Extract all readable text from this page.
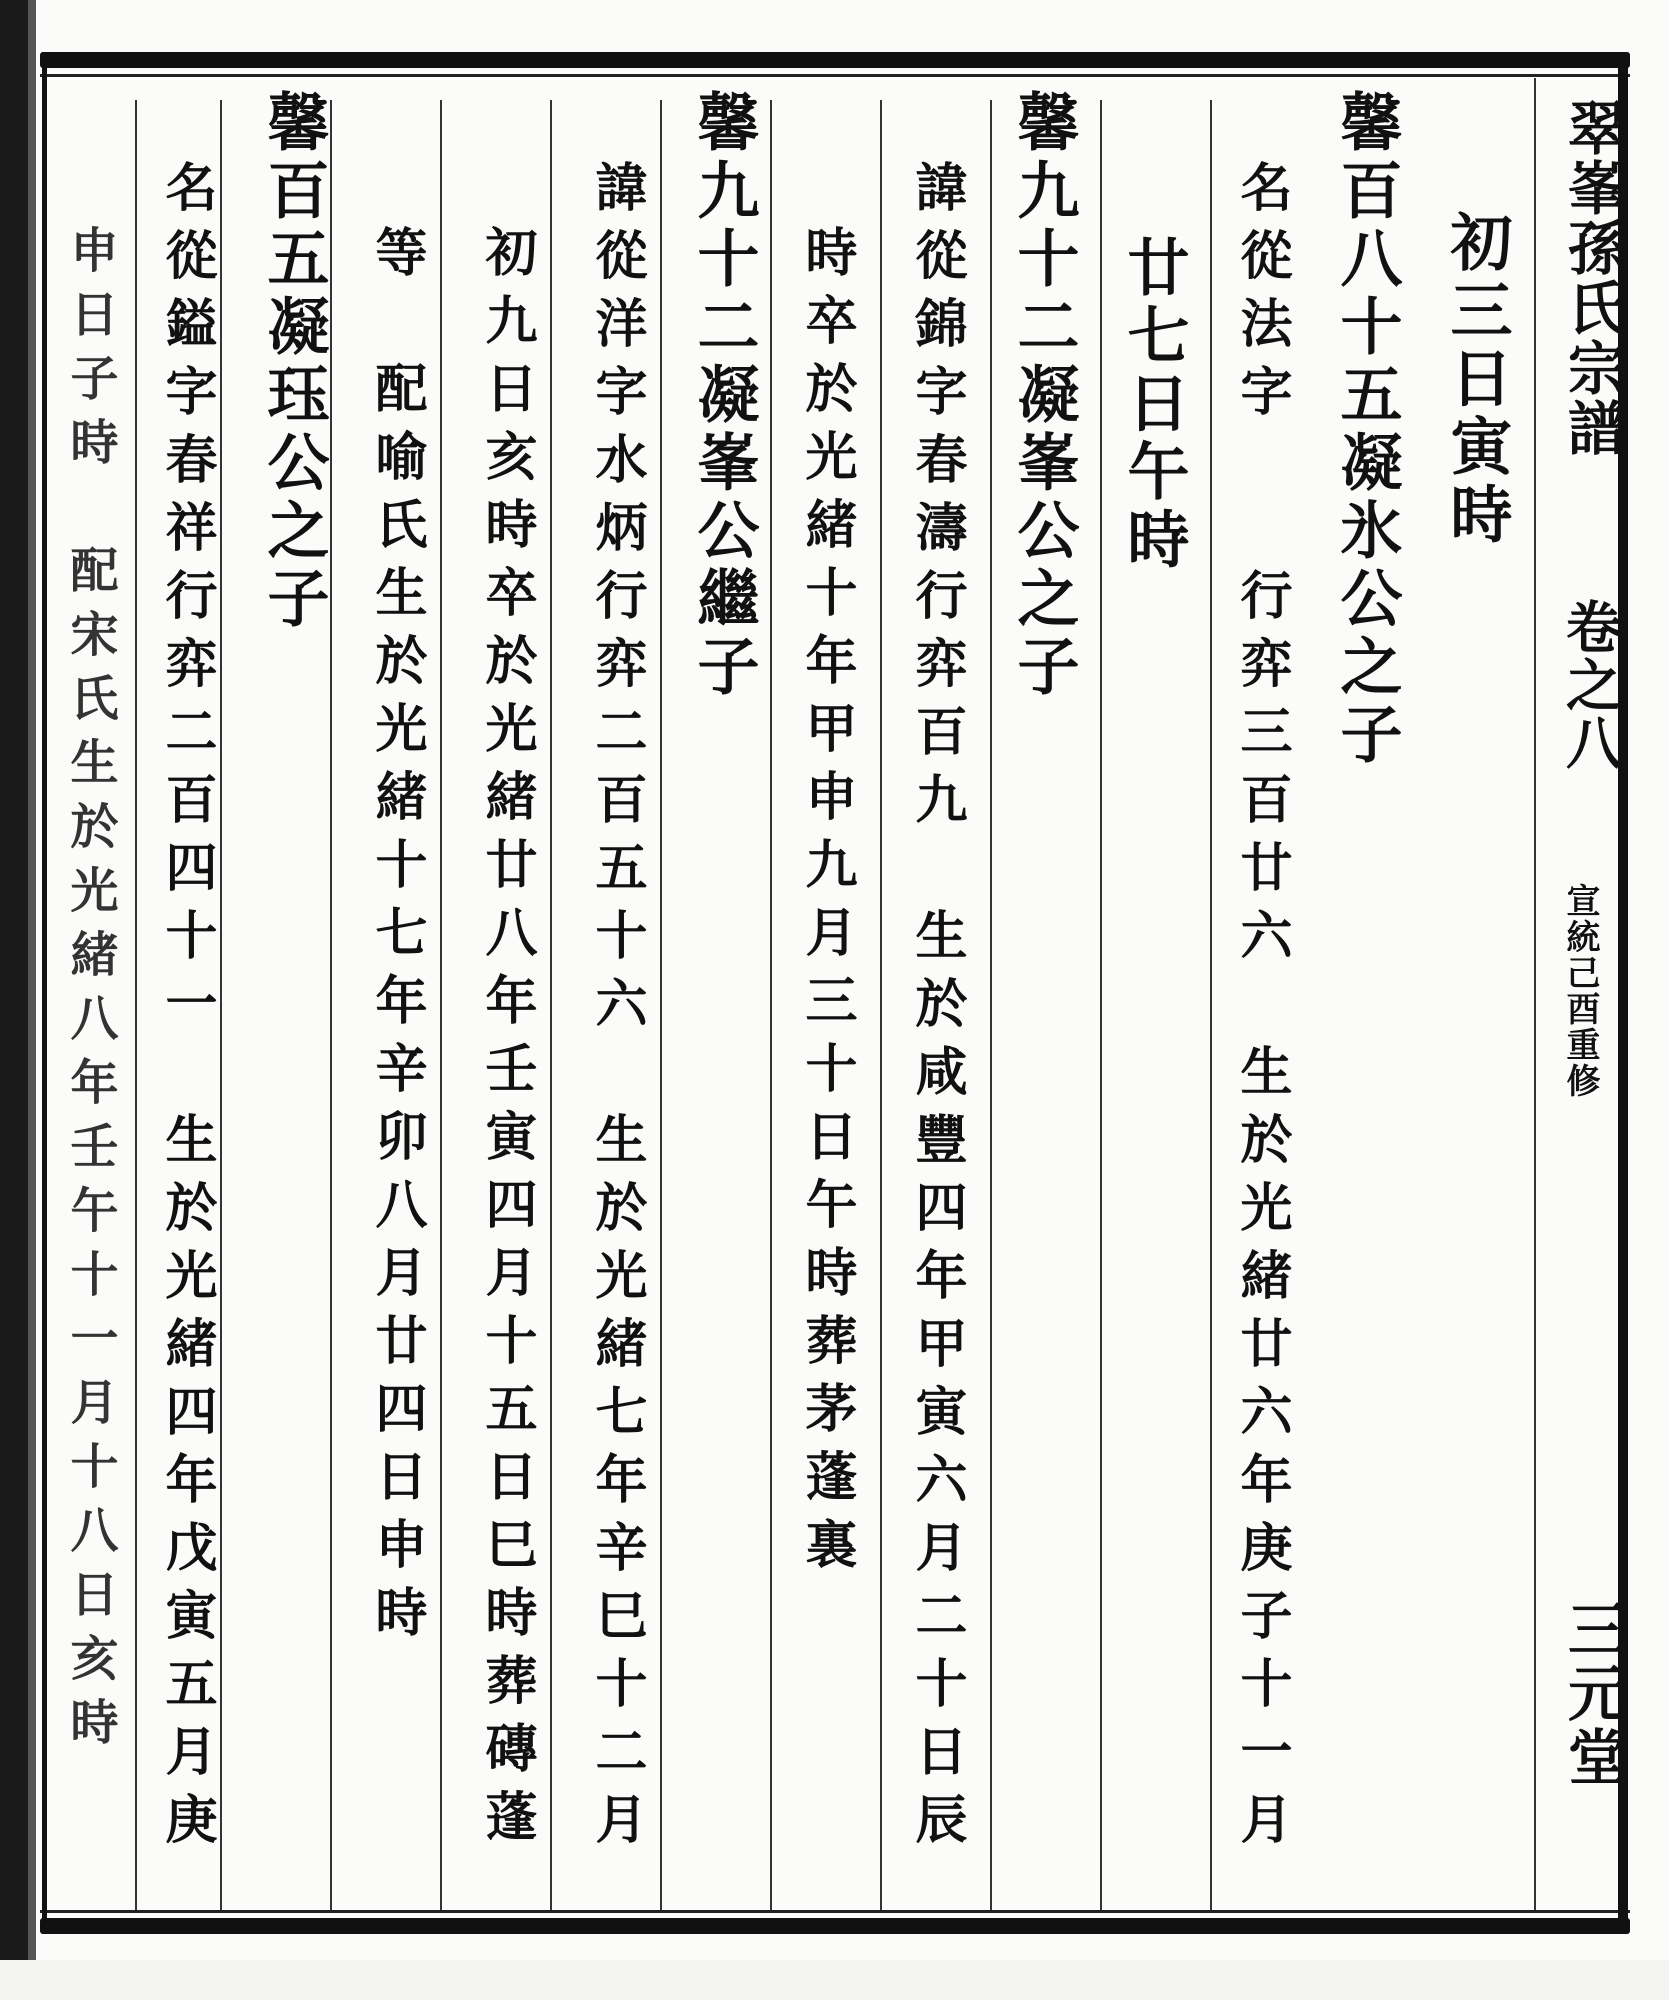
翠峯孫氏宗譜
卷之八
宣統己酉重修
三元堂
初三日寅時
馨百八十五凝氷公之子
名從法字　　行弈三百廿六　生於光緒廿六年庚子十一月
廿七日午時
馨九十二凝峯公之子
諱從錦字春濤行弈百九　生於咸豐四年甲寅六月二十日辰
時卒於光緒十年甲申九月三十日午時葬茅蓬裏
馨九十二凝峯公繼子
諱從洋字水炳行弈二百五十六　生於光緒七年辛巳十二月
初九日亥時卒於光緒廿八年壬寅四月十五日巳時葬磚蓬
等　配喻氏生於光緒十七年辛卯八月廿四日申時
馨百五凝珏公之子
名從鎰字春祥行弈二百四十一　生於光緒四年戊寅五月庚
申日子時　配宋氏生於光緒八年壬午十一月十八日亥時
